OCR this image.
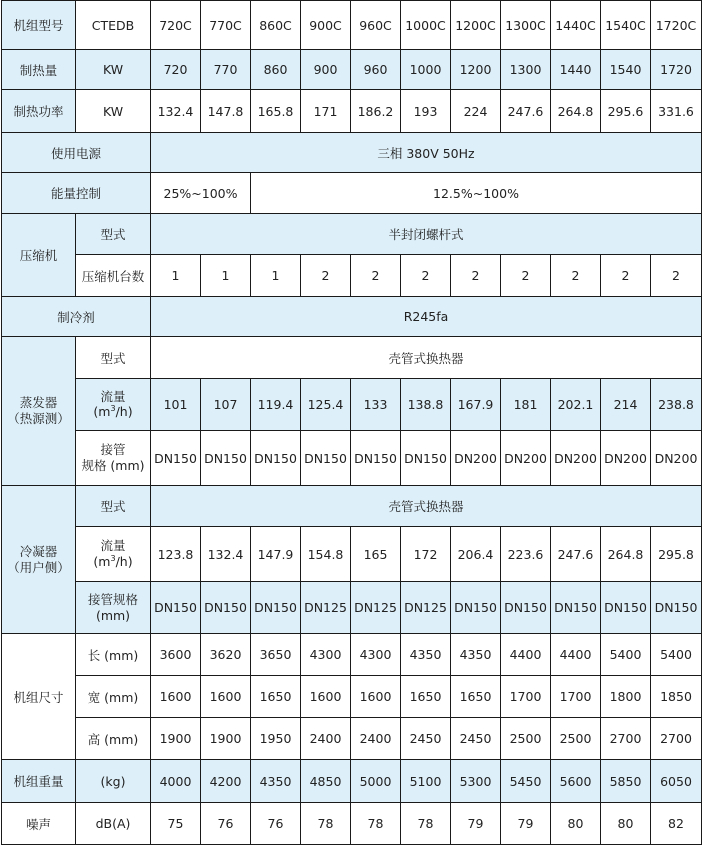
机组型号	CTEDB	720C	770C	860C	900C	960C	1000C	1200C	1300C	1440C	1540C	1720C
制热量	KW	720	770	860	900	960	1000	1200	1300	1440	1540	1720
制热功率	KW	132.4	147.8	165.8	171	186.2	193	224	247.6	264.8	295.6	331.6
使用电源		三相 380V 50Hz										
能量控制		25%~100%		12.5%~100%								
压缩机	型式	半封闭螺杆式										
	压缩机台数	1	1	1	2	2	2	2	2	2	2	2
制冷剂		R245fa										

蒸发器
（热源测）	型式	壳管式换热器										

	流量
$(m^3/h)$	101	107	119.4	125.4	133	138.8	167.9	181	202.1	214	238.8

	接管
规格 (mm)	DN150	DN150	DN150	DN150	DN150	DN150	DN200	DN200	DN200	DN200	DN200

冷凝器
（用户侧）	型式	壳管式换热器										

	流量
$(m^3/h)$	123.8	132.4	147.9	154.8	165	172	206.4	223.6	247.6	264.8	295.8

	接管规格
(mm)	DN150	DN150	DN150	DN125	DN125	DN125	DN150	DN150	DN150	DN150	DN150
机组尺寸	长 (mm)	3600	3620	3650	4300	4300	4350	4350	4400	4400	5400	5400
	宽 (mm)	1600	1600	1650	1600	1600	1650	1650	1700	1700	1800	1850
	高 (mm)	1900	1900	1950	2400	2400	2450	2450	2500	2500	2700	2700
机组重量	(kg)	4000	4200	4350	4850	5000	5100	5300	5450	5600	5850	6050
噪声	dB(A)	75	76	76	78	78	78	79	79	80	80	82
